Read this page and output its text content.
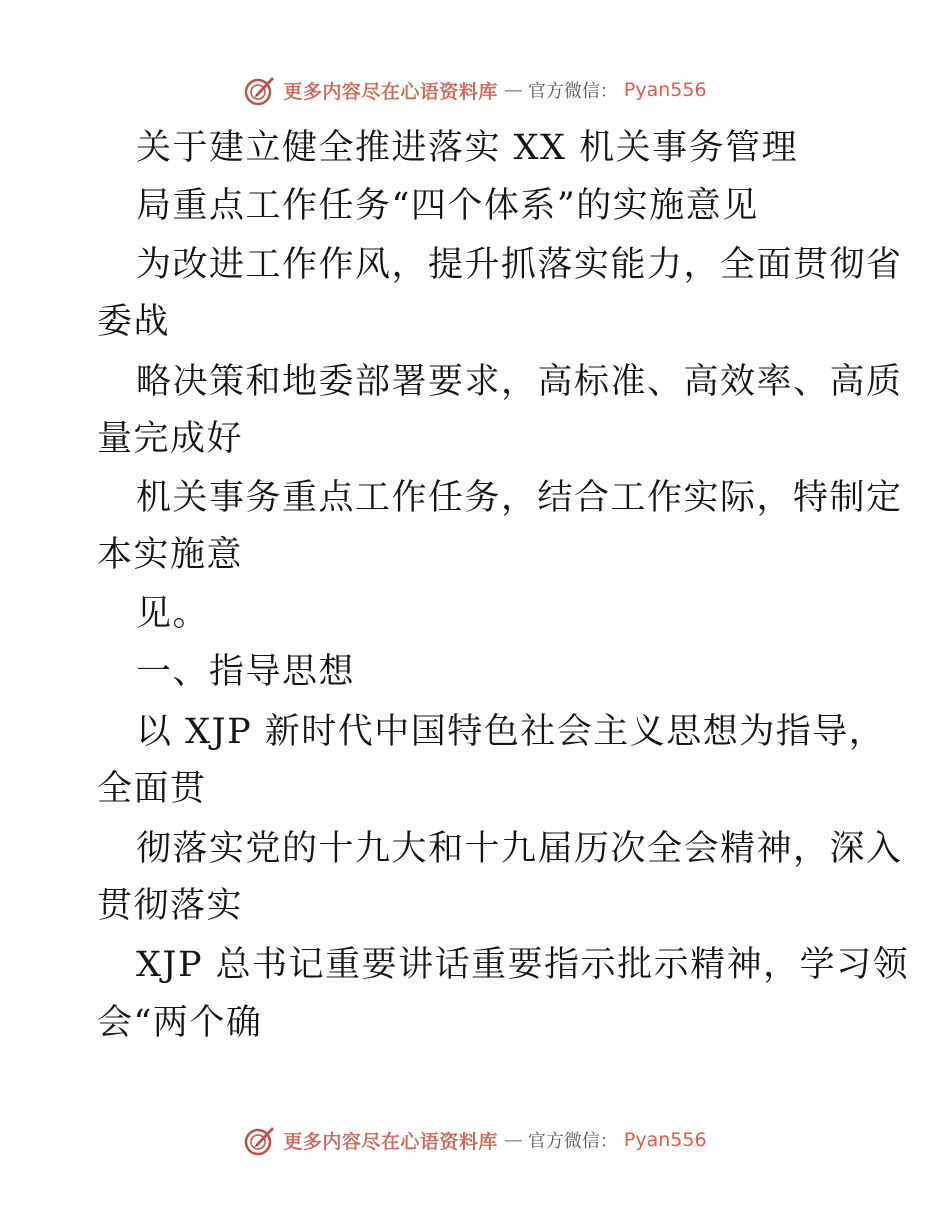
更多内容尽在心语资料库 — 官方微信： Pyan556
关于建立健全推进落实 XX 机关事务管理
局重点工作任务“四个体系”的实施意见
为改进工作作风，提升抓落实能力，全面贯彻省
委战
略决策和地委部署要求，高标准、高效率、高质
量完成好
机关事务重点工作任务，结合工作实际，特制定
本实施意
见。
一、指导思想
以 XJP 新时代中国特色社会主义思想为指导，
全面贯
彻落实党的十九大和十九届历次全会精神，深入
贯彻落实
XJP 总书记重要讲话重要指示批示精神，学习领
会“两个确
更多内容尽在心语资料库 — 官方微信： Pyan556
